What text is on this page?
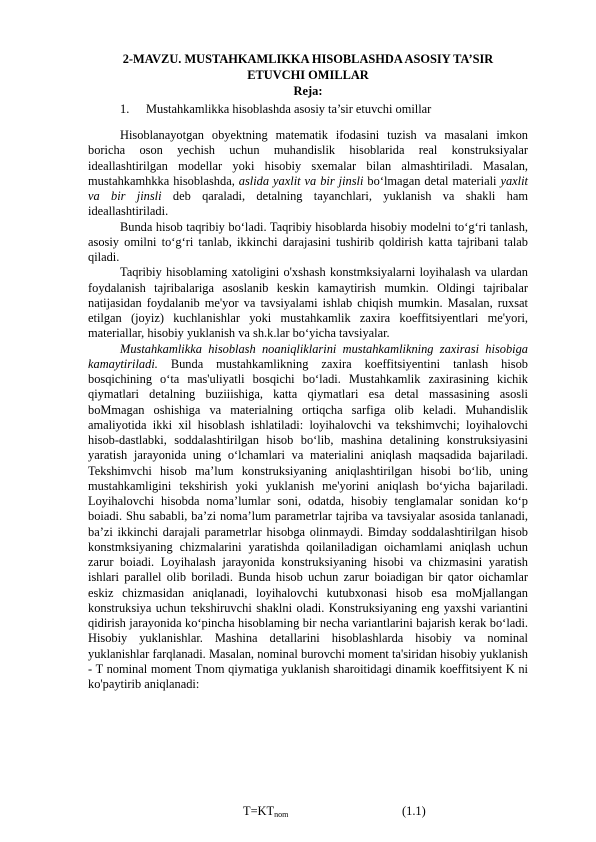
2-MAVZU. MUSTAHKAMLIKKA HISOBLASHDA ASOSIY TA’SIR
ETUVCHI OMILLAR
Reja:
1. Mustahkamlikka hisoblashda asosiy ta’sir etuvchi omillar

Hisoblanayotgan obyektning matematik ifodasini tuzish va masalani imkon boricha oson yechish uchun muhandislik hisoblarida real konstruksiyalar ideallashtirilgan modellar yoki hisobiy sxemalar bilan almashtiriladi. Masalan, mustahkamhkka hisoblashda, aslida yaxlit va bir jinsli bo‘lmagan detal materiali yaxlit va bir jinsli deb qaraladi, detalning tayanchlari, yuklanish va shakli ham ideallashtiriladi.

Bunda hisob taqribiy bo‘ladi. Taqribiy hisoblarda hisobiy modelni to‘g‘ri tanlash, asosiy omilni to‘g‘ri tanlab, ikkinchi darajasini tushirib qoldirish katta tajribani talab qiladi.

Taqribiy hisoblaming xatoligini o'xshash konstmksiyalarni loyihalash va ulardan foydalanish tajribalariga asoslanib keskin kamaytirish mumkin. Oldingi tajribalar natijasidan foydalanib me'yor va tavsiyalami ishlab chiqish mumkin. Masalan, ruxsat etilgan (joyiz) kuchlanishlar yoki mustahkamlik zaxira koeffitsiyentlari me'yori, materiallar, hisobiy yuklanish va sh.k.lar bo‘yicha tavsiyalar.

Mustahkamlikka hisoblash noaniqliklarini mustahkamlikning zaxirasi hisobiga kamaytiriladi. Bunda mustahkamlikning zaxira koeffitsiyentini tanlash hisob bosqichining o‘ta mas'uliyatli bosqichi bo‘ladi. Mustahkamlik zaxirasining kichik qiymatlari detalning buziiishiga, katta qiymatlari esa detal massasining asosli boMmagan oshishiga va materialning ortiqcha sarfiga olib keladi. Muhandislik amaliyotida ikki xil hisoblash ishlatiladi: loyihalovchi va tekshimvchi; loyihalovchi hisob-dastlabki, soddalashtirilgan hisob bo‘lib, mashina detalining konstruksiyasini yaratish jarayonida uning o‘lchamlari va materialini aniqlash maqsadida bajariladi. Tekshimvchi hisob ma’lum konstruksiyaning aniqlashtirilgan hisobi bo‘lib, uning mustahkamligini tekshirish yoki yuklanish me'yorini aniqlash bo‘yicha bajariladi. Loyihalovchi hisobda noma’lumlar soni, odatda, hisobiy tenglamalar sonidan ko‘p boiadi. Shu sababli, ba’zi noma’lum parametrlar tajriba va tavsiyalar asosida tanlanadi, ba’zi ikkinchi darajali parametrlar hisobga olinmaydi. Bimday soddalashtirilgan hisob konstmksiyaning chizmalarini yaratishda qoilaniladigan oichamlami aniqlash uchun zarur boiadi. Loyihalash jarayonida konstruksiyaning hisobi va chizmasini yaratish ishlari parallel olib boriladi. Bunda hisob uchun zarur boiadigan bir qator oichamlar eskiz chizmasidan aniqlanadi, loyihalovchi kutubxonasi hisob esa moMjallangan konstruksiya uchun tekshiruvchi shaklni oladi. Konstruksiyaning eng yaxshi variantini qidirish jarayonida ko‘pincha hisoblaming bir necha variantlarini bajarish kerak bo‘ladi. Hisobiy yuklanishlar. Mashina detallarini hisoblashlarda hisobiy va nominal yuklanishlar farqlanadi. Masalan, nominal burovchi moment ta'siridan hisobiy yuklanish - T nominal moment Tnom qiymatiga yuklanish sharoitidagi dinamik koeffitsiyent K ni ko'paytirib aniqlanadi:

$T=KT_{nom}$	(1.1)
